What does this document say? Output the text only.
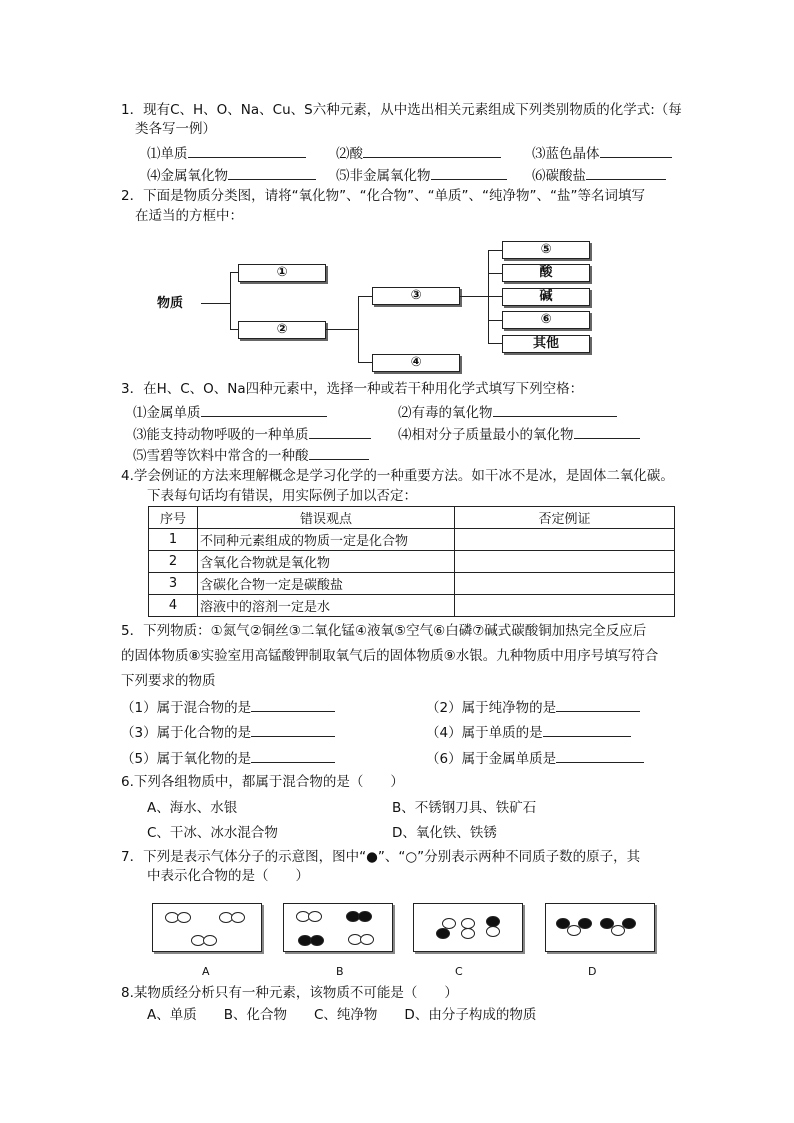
1．现有C、H、O、Na、Cu、S六种元素，从中选出相关元素组成下列类别物质的化学式:（每
类各写一例）
⑴单质	⑵酸	⑶蓝色晶体
⑷金属氧化物	⑸非金属氧化物	⑹碳酸盐
2．下面是物质分类图，请将“氧化物”、“化合物”、“单质”、“纯净物”、“盐”等名词填写
在适当的方框中：
物质
①
②
③
④
⑤
酸
碱
⑥
其他
3．在H、C、O、Na四种元素中，选择一种或若干种用化学式填写下列空格：
⑴金属单质	⑵有毒的氧化物
⑶能支持动物呼吸的一种单质	⑷相对分子质量最小的氧化物
⑸雪碧等饮料中常含的一种酸
4.学会例证的方法来理解概念是学习化学的一种重要方法。如干冰不是冰，是固体二氧化碳。
下表每句话均有错误，用实际例子加以否定：
序号	错误观点	否定例证
1	不同种元素组成的物质一定是化合物	
2	含氧化合物就是氧化物	
3	含碳化合物一定是碳酸盐	
4	溶液中的溶剂一定是水	
5．下列物质：①氮气②铜丝③二氧化锰④液氧⑤空气⑥白磷⑦碱式碳酸铜加热完全反应后
的固体物质⑧实验室用高锰酸钾制取氧气后的固体物质⑨水银。九种物质中用序号填写符合
下列要求的物质
（1）属于混合物的是	（2）属于纯净物的是
（3）属于化合物的是	（4）属于单质的是
（5）属于氧化物的是	（6）属于金属单质是
6.下列各组物质中，都属于混合物的是（　　）
A、海水、水银	B、不锈钢刀具、铁矿石
C、干冰、冰水混合物	D、氧化铁、铁锈
7．下列是表示气体分子的示意图，图中“●”、“○”分别表示两种不同质子数的原子，其
中表示化合物的是（　　）
A	B	C	D
8.某物质经分析只有一种元素，该物质不可能是（　　）
A、单质　　B、化合物　　C、纯净物　　D、由分子构成的物质
